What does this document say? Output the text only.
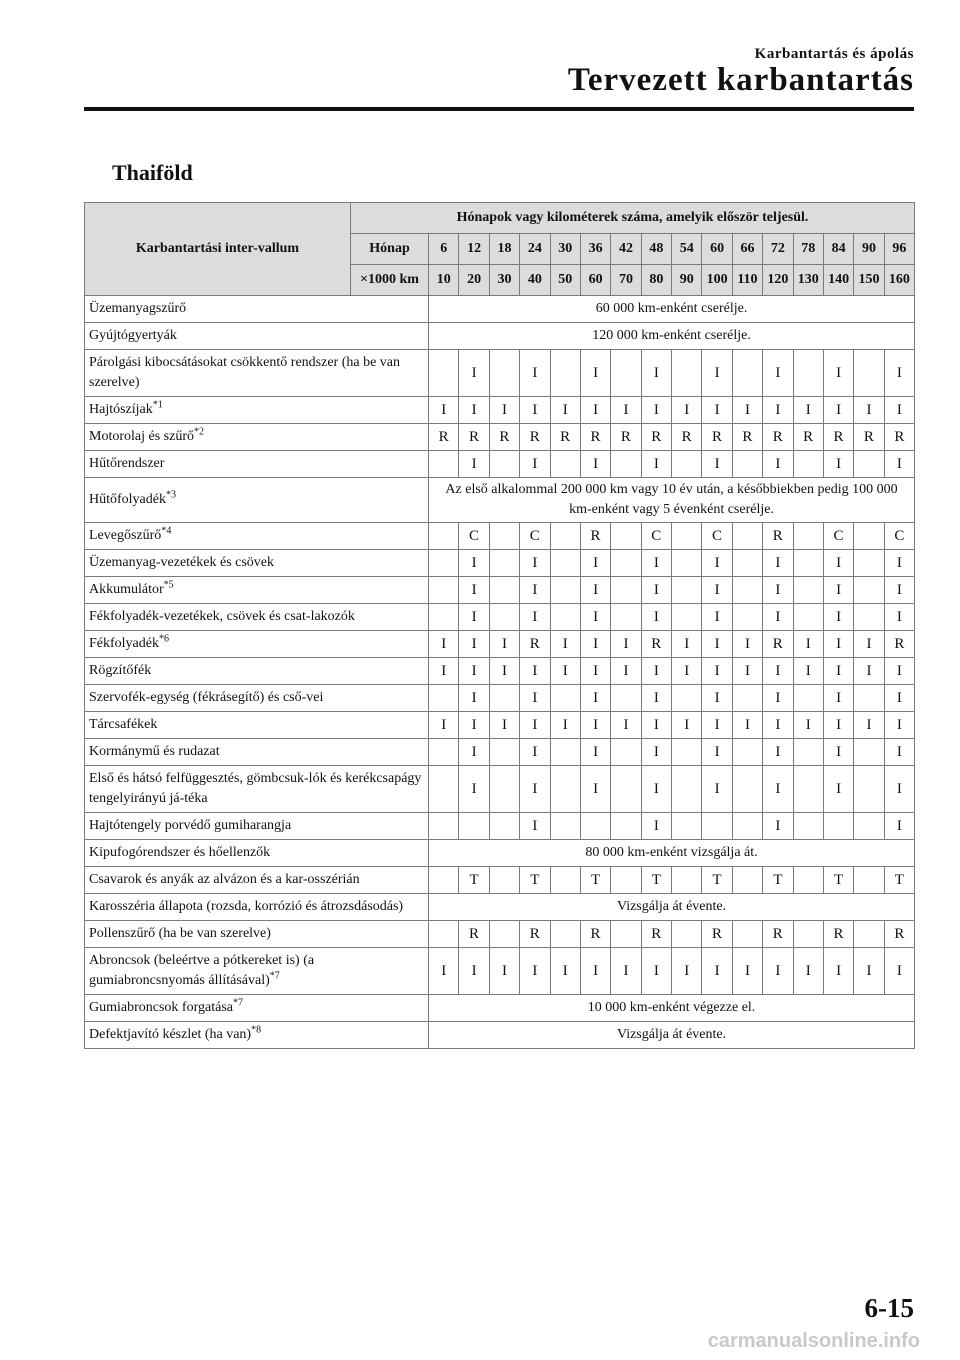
Karbantartás és ápolás
Tervezett karbantartás
Thaiföld
Karbantartási inter-vallum	Hónapok vagy kilométerek száma, amelyik először teljesül.																
	Hónap	6	12	18	24	30	36	42	48	54	60	66	72	78	84	90	96
	×1000 km	10	20	30	40	50	60	70	80	90	100	110	120	130	140	150	160
Üzemanyagszűrő		60 000 km-enként cserélje.															
Gyújtógyertyák		120 000 km-enként cserélje.															
Párolgási kibocsátásokat csökkentő rendszer (ha be van szerelve)			I		I		I		I		I		I		I		I
Hajtószíjak$^{*1}$		I	I	I	I	I	I	I	I	I	I	I	I	I	I	I	I
Motorolaj és szűrő$^{*2}$		R	R	R	R	R	R	R	R	R	R	R	R	R	R	R	R
Hűtőrendszer			I		I		I		I		I		I		I		I
Hűtőfolyadék$^{*3}$		Az első alkalommal 200 000 km vagy 10 év után, a későbbiekben pedig 100 000 km-enként vagy 5 évenként cserélje.															
Levegőszűrő$^{*4}$			C		C		R		C		C		R		C		C
Üzemanyag-vezetékek és csövek			I		I		I		I		I		I		I		I
Akkumulátor$^{*5}$			I		I		I		I		I		I		I		I
Fékfolyadék-vezetékek, csövek és csat-lakozók			I		I		I		I		I		I		I		I
Fékfolyadék$^{*6}$		I	I	I	R	I	I	I	R	I	I	I	R	I	I	I	R
Rögzítőfék		I	I	I	I	I	I	I	I	I	I	I	I	I	I	I	I
Szervofék-egység (fékrásegítő) és cső-vei			I		I		I		I		I		I		I		I
Tárcsafékek		I	I	I	I	I	I	I	I	I	I	I	I	I	I	I	I
Kormánymű és rudazat			I		I		I		I		I		I		I		I
Első és hátsó felfüggesztés, gömbcsuk-lók és kerékcsapágy tengelyirányú já-téka			I		I		I		I		I		I		I		I
Hajtótengely porvédő gumiharangja					I				I				I				I
Kipufogórendszer és hőellenzők		80 000 km-enként vizsgálja át.															
Csavarok és anyák az alvázon és a kar-osszérián			T		T		T		T		T		T		T		T
Karosszéria állapota (rozsda, korrózió és átrozsdásodás)		Vizsgálja át évente.															
Pollenszűrő (ha be van szerelve)			R		R		R		R		R		R		R		R
Abroncsok (beleértve a pótkereket is) (a gumiabroncsnyomás állításával)$^{*7}$		I	I	I	I	I	I	I	I	I	I	I	I	I	I	I	I
Gumiabroncsok forgatása$^{*7}$		10 000 km-enként végezze el.															
Defektjavító készlet (ha van)$^{*8}$		Vizsgálja át évente.															
6-15
carmanualsonline.info
